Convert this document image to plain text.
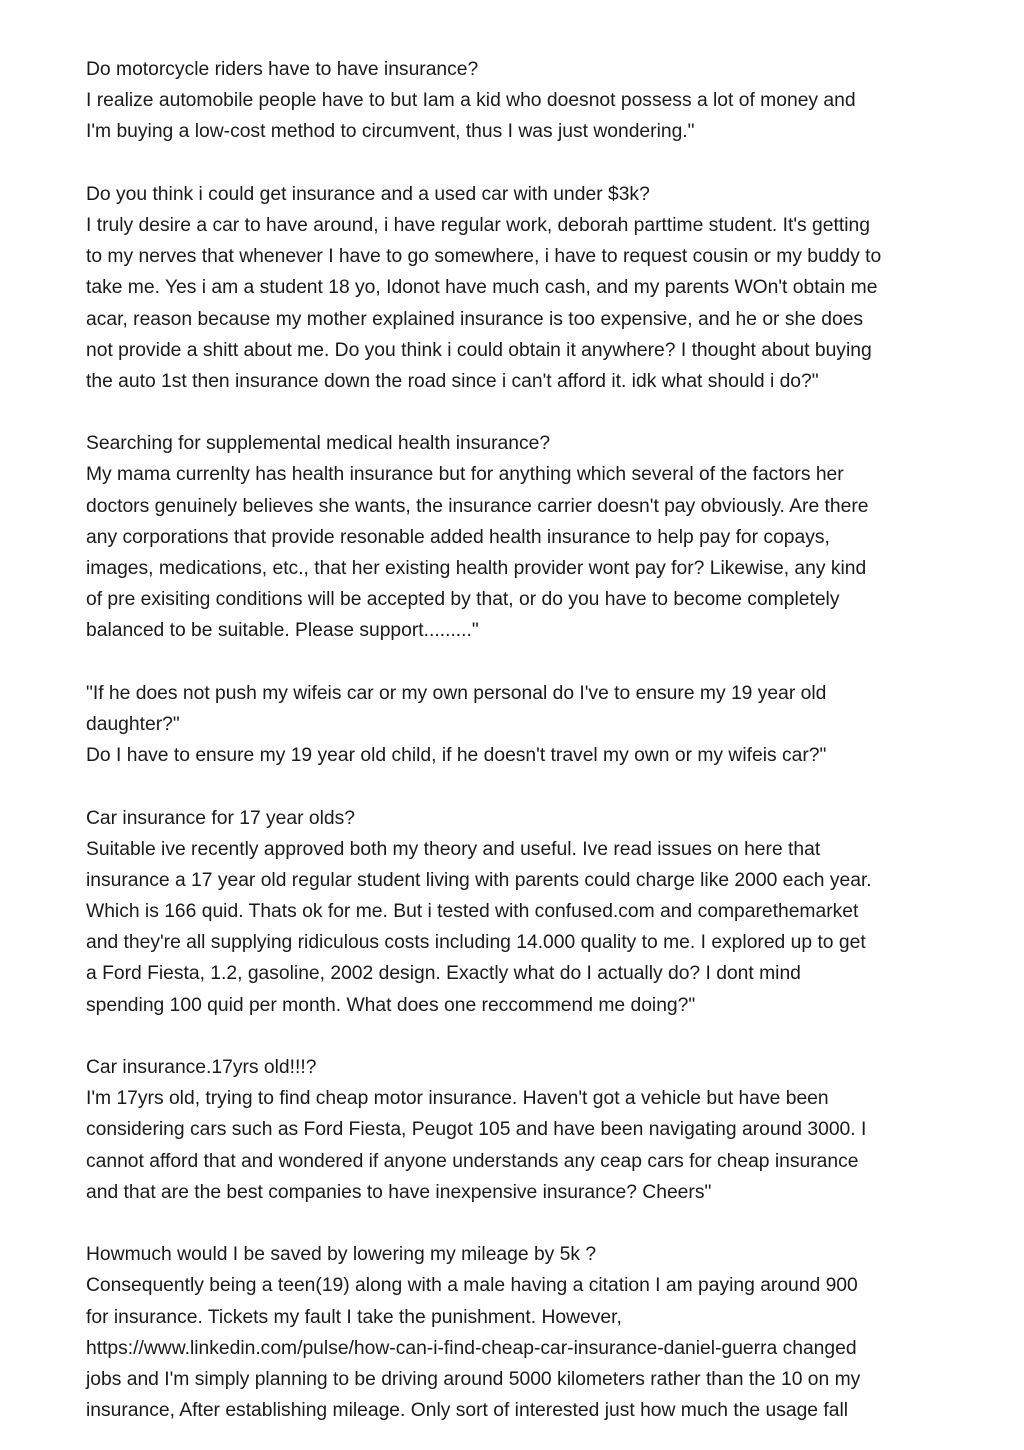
Do motorcycle riders have to have insurance?
I realize automobile people have to but Iam a kid who doesnot possess a lot of money and
I'm buying a low-cost method to circumvent, thus I was just wondering."
Do you think i could get insurance and a used car with under $3k?
I truly desire a car to have around, i have regular work, deborah parttime student. It's getting
to my nerves that whenever I have to go somewhere, i have to request cousin or my buddy to
take me. Yes i am a student 18 yo, Idonot have much cash, and my parents WOn't obtain me
acar, reason because my mother explained insurance is too expensive, and he or she does
not provide a shitt about me. Do you think i could obtain it anywhere? I thought about buying
the auto 1st then insurance down the road since i can't afford it. idk what should i do?"
Searching for supplemental medical health insurance?
My mama currenlty has health insurance but for anything which several of the factors her
doctors genuinely believes she wants, the insurance carrier doesn't pay obviously. Are there
any corporations that provide resonable added health insurance to help pay for copays,
images, medications, etc., that her existing health provider wont pay for? Likewise, any kind
of pre exisiting conditions will be accepted by that, or do you have to become completely
balanced to be suitable. Please support........."
"If he does not push my wifeis car or my own personal do I've to ensure my 19 year old
daughter?"
Do I have to ensure my 19 year old child, if he doesn't travel my own or my wifeis car?"
Car insurance for 17 year olds?
Suitable ive recently approved both my theory and useful. Ive read issues on here that
insurance a 17 year old regular student living with parents could charge like 2000 each year.
Which is 166 quid. Thats ok for me. But i tested with confused.com and comparethemarket
and they're all supplying ridiculous costs including 14.000 quality to me. I explored up to get
a Ford Fiesta, 1.2, gasoline, 2002 design. Exactly what do I actually do? I dont mind
spending 100 quid per month. What does one reccommend me doing?"
Car insurance.17yrs old!!!?
I'm 17yrs old, trying to find cheap motor insurance. Haven't got a vehicle but have been
considering cars such as Ford Fiesta, Peugot 105 and have been navigating around 3000. I
cannot afford that and wondered if anyone understands any ceap cars for cheap insurance
and that are the best companies to have inexpensive insurance? Cheers"
Howmuch would I be saved by lowering my mileage by 5k ?
Consequently being a teen(19) along with a male having a citation I am paying around 900
for insurance. Tickets my fault I take the punishment. However,
https://www.linkedin.com/pulse/how-can-i-find-cheap-car-insurance-daniel-guerra changed
jobs and I'm simply planning to be driving around 5000 kilometers rather than the 10 on my
insurance, After establishing mileage. Only sort of interested just how much the usage fall
